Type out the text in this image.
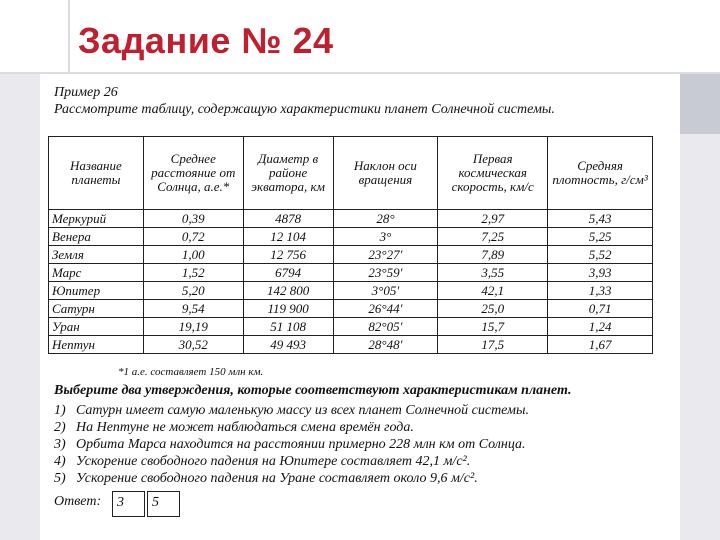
Задание № 24
Пример 26
Рассмотрите таблицу, содержащую характеристики планет Солнечной системы.
Название планеты	Среднее расстояние от Солнца, а.е.*	Диаметр в районе экватора, км	Наклон оси вращения	Первая космическая скорость, км/с	Средняя плотность, г/см³
Меркурий	0,39	4878	28°	2,97	5,43
Венера	0,72	12 104	3°	7,25	5,25
Земля	1,00	12 756	23°27′	7,89	5,52
Марс	1,52	6794	23°59′	3,55	3,93
Юпитер	5,20	142 800	3°05′	42,1	1,33
Сатурн	9,54	119 900	26°44′	25,0	0,71
Уран	19,19	51 108	82°05′	15,7	1,24
Нептун	30,52	49 493	28°48′	17,5	1,67
*1 а.е. составляет 150 млн км.
Выберите два утверждения, которые соответствуют характеристикам планет.
1) Сатурн имеет самую маленькую массу из всех планет Солнечной системы.
2) На Нептуне не может наблюдаться смена времён года.
3) Орбита Марса находится на расстоянии примерно 228 млн км от Солнца.
4) Ускорение свободного падения на Юпитере составляет 42,1 м/с².
5) Ускорение свободного падения на Уране составляет около 9,6 м/с².
Ответ:	3	5
